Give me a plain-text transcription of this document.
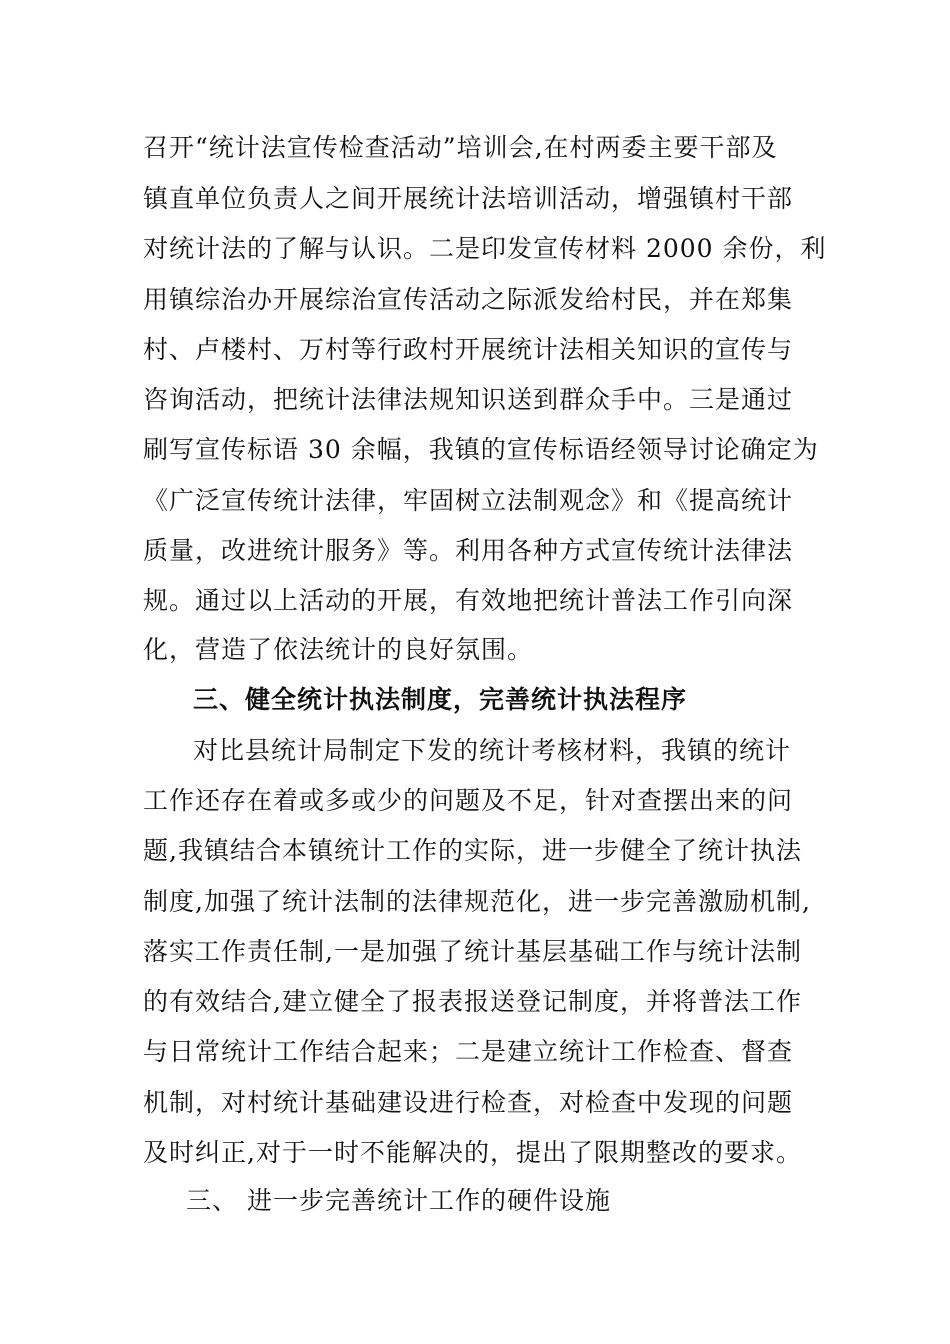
召开“统计法宣传检查活动”培训会,在村两委主要干部及
镇直单位负责人之间开展统计法培训活动，增强镇村干部
对统计法的了解与认识。二是印发宣传材料 2000 余份，利
用镇综治办开展综治宣传活动之际派发给村民，并在郑集
村、卢楼村、万村等行政村开展统计法相关知识的宣传与
咨询活动，把统计法律法规知识送到群众手中。三是通过
刷写宣传标语 30 余幅，我镇的宣传标语经领导讨论确定为
《广泛宣传统计法律，牢固树立法制观念》和《提高统计
质量，改进统计服务》等。利用各种方式宣传统计法律法
规。通过以上活动的开展，有效地把统计普法工作引向深
化，营造了依法统计的良好氛围。
三、健全统计执法制度，完善统计执法程序
对比县统计局制定下发的统计考核材料，我镇的统计
工作还存在着或多或少的问题及不足，针对查摆出来的问
题,我镇结合本镇统计工作的实际，进一步健全了统计执法
制度,加强了统计法制的法律规范化，进一步完善激励机制,
落实工作责任制,一是加强了统计基层基础工作与统计法制
的有效结合,建立健全了报表报送登记制度，并将普法工作
与日常统计工作结合起来；二是建立统计工作检查、督查
机制，对村统计基础建设进行检查，对检查中发现的问题
及时纠正,对于一时不能解决的，提出了限期整改的要求。
三、 进一步完善统计工作的硬件设施
